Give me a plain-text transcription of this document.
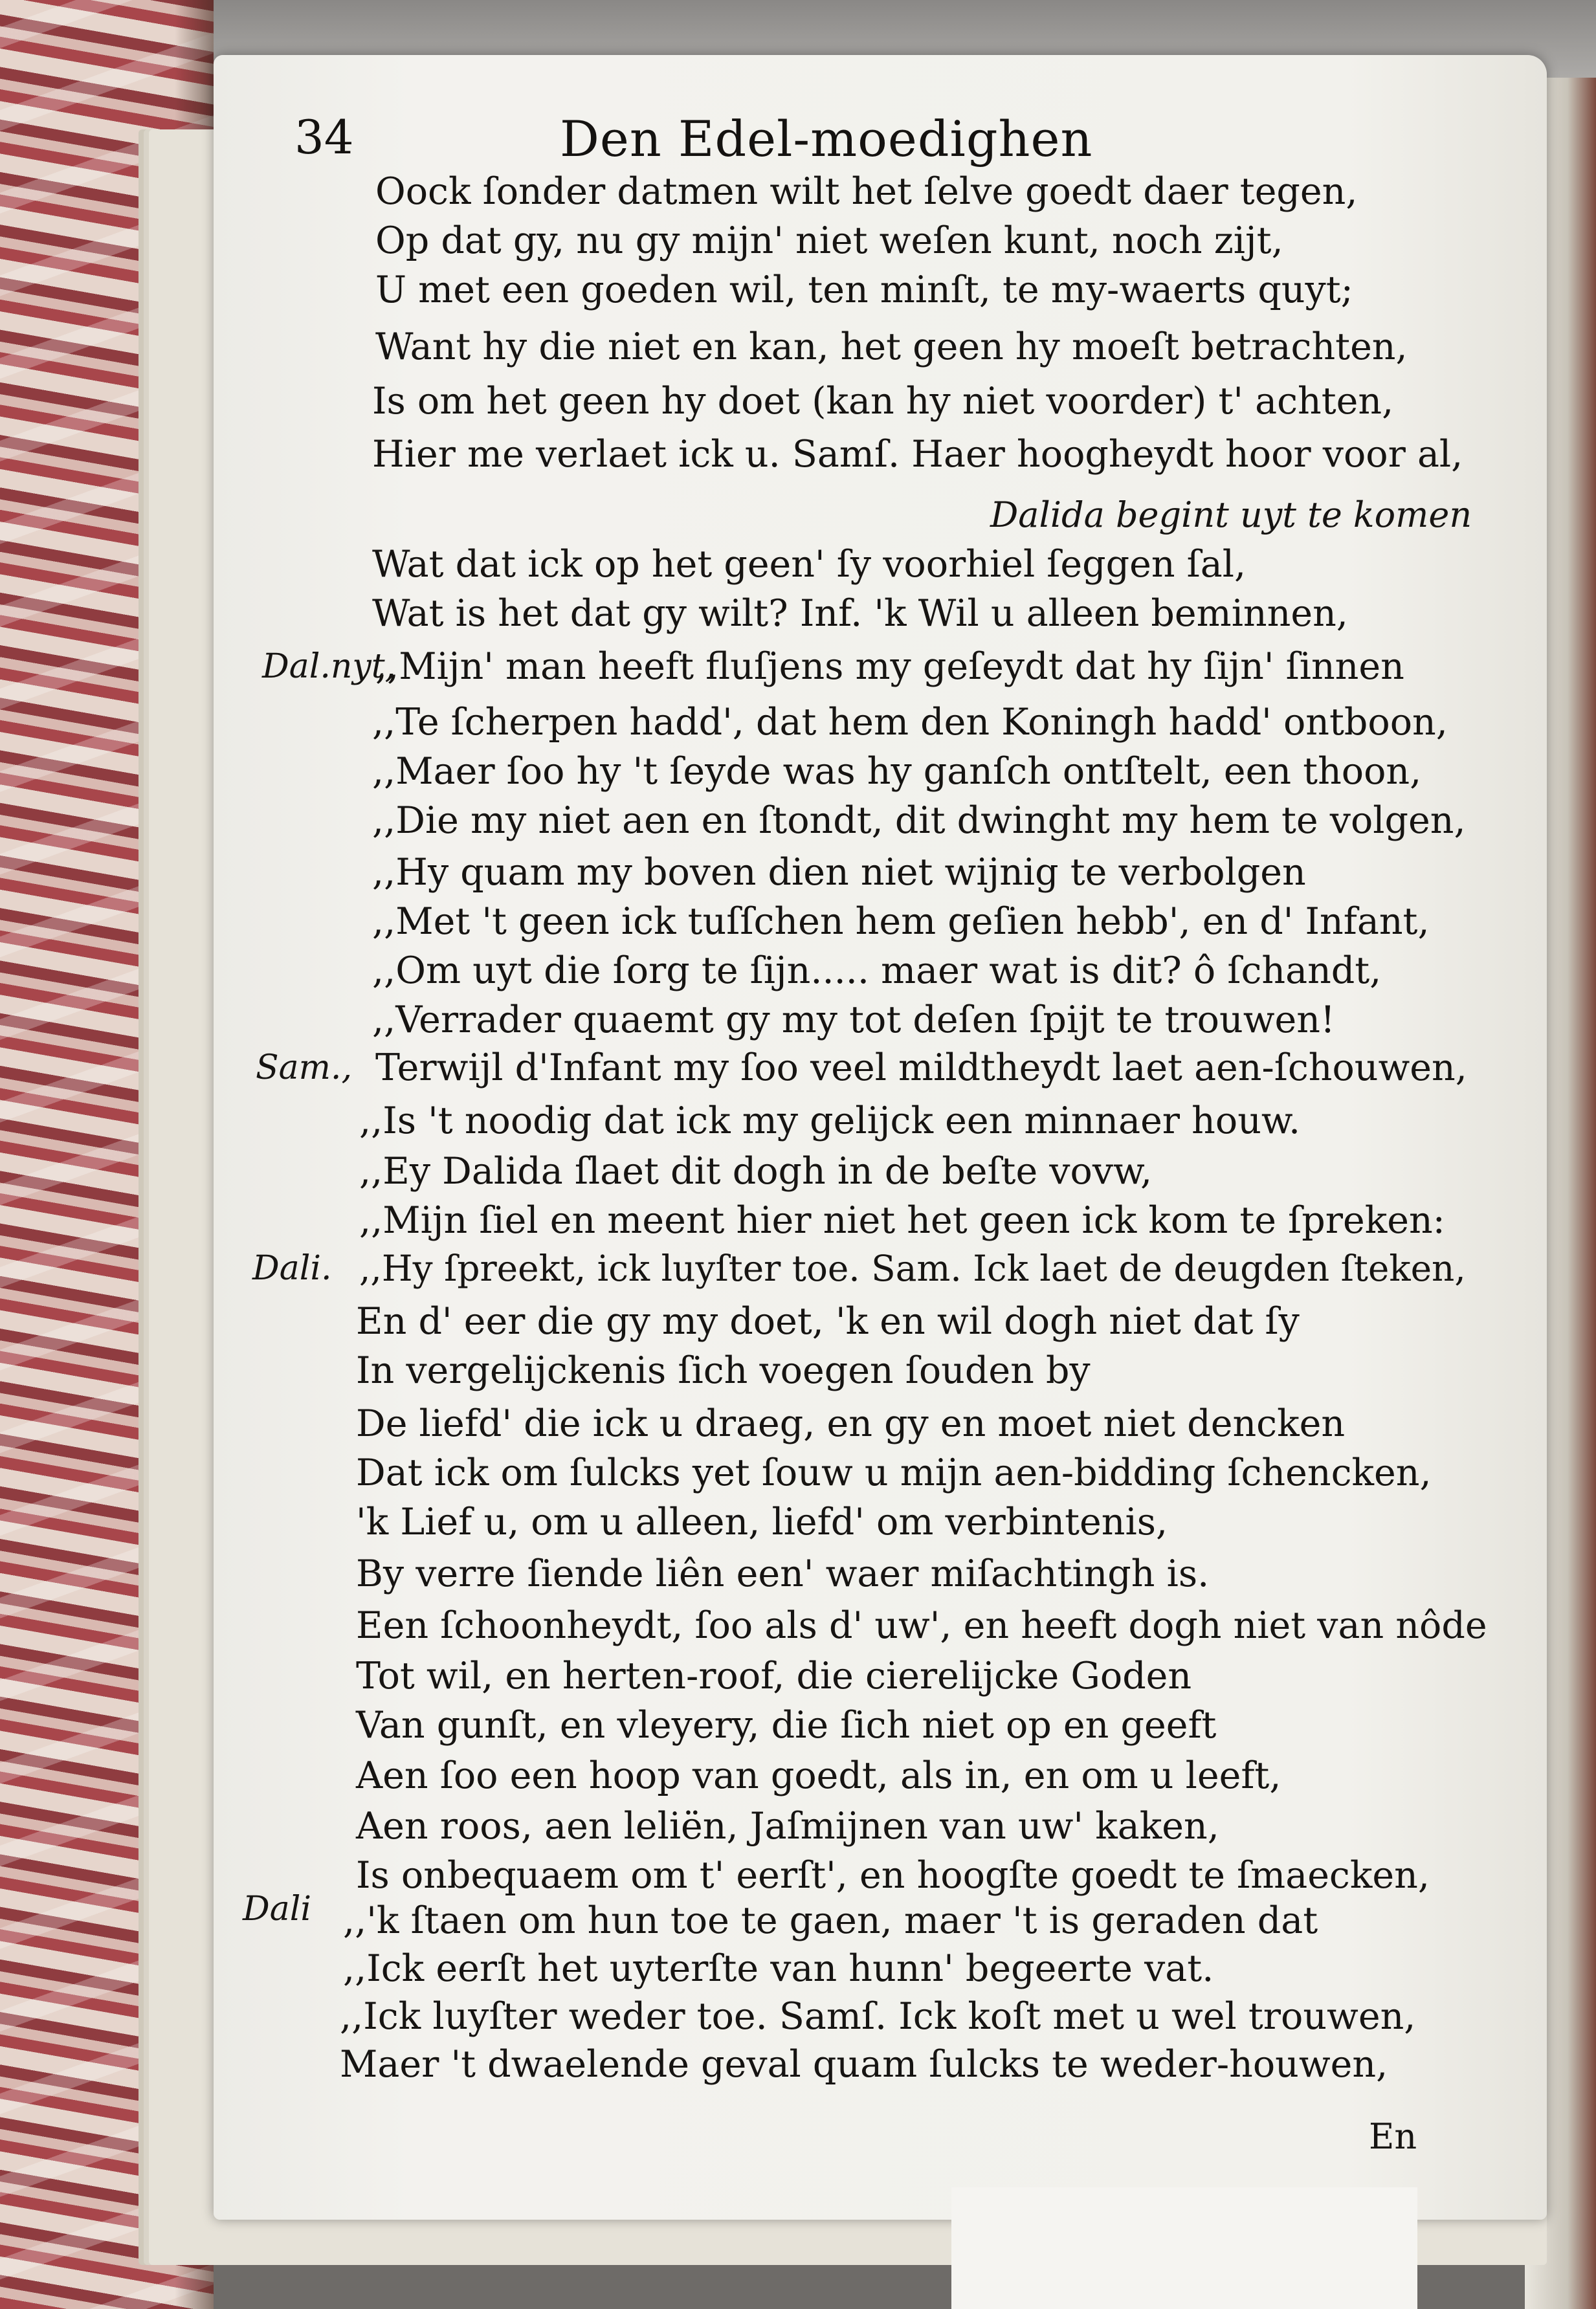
34	Den Edel-moedighen
Dal.nyt,
Sam.,
Dali.
Dali
Dalida begint uyt te komen
Oock ſonder datmen wilt het ſelve goedt daer tegen,
Op dat gy, nu gy mijn' niet weſen kunt, noch zijt,
U met een goeden wil, ten minſt, te my-waerts quyt;
Want hy die niet en kan, het geen hy moeſt betrachten,
Is om het geen hy doet (kan hy niet voorder) t' achten,
Hier me verlaet ick u. Samſ. Haer hoogheydt hoor voor al,
Wat dat ick op het geen' ſy voorhiel ſeggen ſal,
Wat is het dat gy wilt? Inf. 'k Wil u alleen beminnen,
,,Mijn' man heeft fluſjens my geſeydt dat hy ſijn' ſinnen
,,Te ſcherpen hadd', dat hem den Koningh hadd' ontboon,
,,Maer ſoo hy 't ſeyde was hy ganſch ontſtelt, een thoon,
,,Die my niet aen en ſtondt, dit dwinght my hem te volgen,
,,Hy quam my boven dien niet wijnig te verbolgen
,,Met 't geen ick tuſſchen hem geſien hebb', en d' Infant,
,,Om uyt die ſorg te ſijn..... maer wat is dit? ô ſchandt,
,,Verrader quaemt gy my tot deſen ſpijt te trouwen!
Terwijl d'Infant my ſoo veel mildtheydt laet aen-ſchouwen,
,,Is 't noodig dat ick my gelijck een minnaer houw.
,,Ey Dalida ſlaet dit dogh in de beſte vovw,
,,Mijn ſiel en meent hier niet het geen ick kom te ſpreken:
,,Hy ſpreekt, ick luyſter toe. Sam. Ick laet de deugden ſteken,
En d' eer die gy my doet, 'k en wil dogh niet dat ſy
In vergelijckenis ſich voegen ſouden by
De liefd' die ick u draeg, en gy en moet niet dencken
Dat ick om ſulcks yet ſouw u mijn aen-bidding ſchencken,
'k Lief u, om u alleen, liefd' om verbintenis,
By verre ſiende liên een' waer miſachtingh is.
Een ſchoonheydt, ſoo als d' uw', en heeft dogh niet van nôde
Tot wil, en herten-roof, die cierelijcke Goden
Van gunſt, en vleyery, die ſich niet op en geeft
Aen ſoo een hoop van goedt, als in, en om u leeft,
Aen roos, aen leliën, Jaſmijnen van uw' kaken,
Is onbequaem om t' eerſt', en hoogſte goedt te ſmaecken,
,,'k ſtaen om hun toe te gaen, maer 't is geraden dat
,,Ick eerſt het uyterſte van hunn' begeerte vat.
,,Ick luyſter weder toe. Samſ. Ick koſt met u wel trouwen,
Maer 't dwaelende geval quam ſulcks te weder-houwen,
En
